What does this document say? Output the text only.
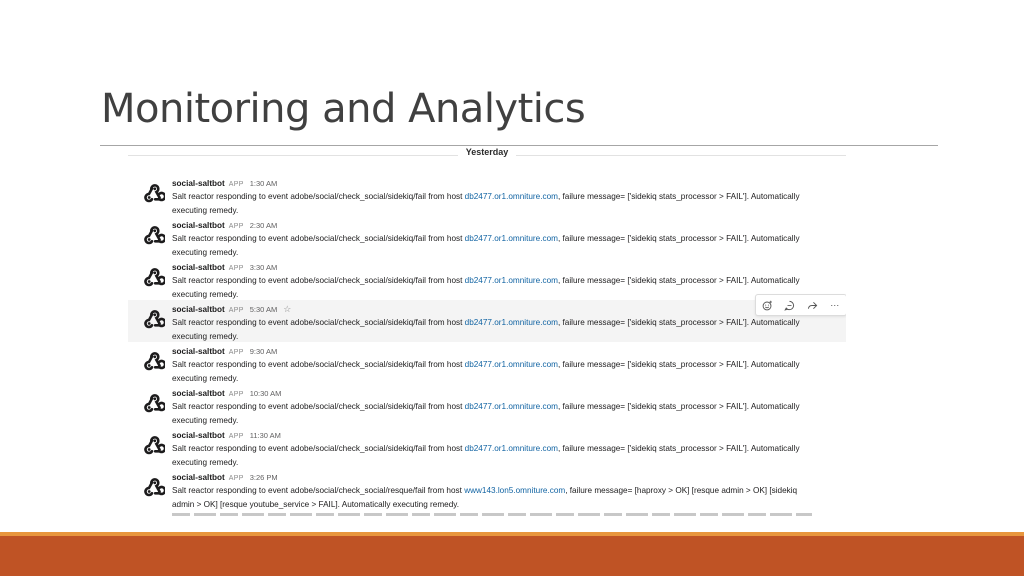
Monitoring and Analytics
Yesterday
social-saltbot APP 1:30 AM
Salt reactor responding to event adobe/social/check_social/sidekiq/fail from host db2477.or1.omniture.com, failure message= ['sidekiq stats_processor > FAIL']. Automatically executing remedy.
social-saltbot APP 2:30 AM
Salt reactor responding to event adobe/social/check_social/sidekiq/fail from host db2477.or1.omniture.com, failure message= ['sidekiq stats_processor > FAIL']. Automatically executing remedy.
social-saltbot APP 3:30 AM
Salt reactor responding to event adobe/social/check_social/sidekiq/fail from host db2477.or1.omniture.com, failure message= ['sidekiq stats_processor > FAIL']. Automatically executing remedy.
social-saltbot APP 5:30 AM ☆
Salt reactor responding to event adobe/social/check_social/sidekiq/fail from host db2477.or1.omniture.com, failure message= ['sidekiq stats_processor > FAIL']. Automatically executing remedy.
⋯
social-saltbot APP 9:30 AM
Salt reactor responding to event adobe/social/check_social/sidekiq/fail from host db2477.or1.omniture.com, failure message= ['sidekiq stats_processor > FAIL']. Automatically executing remedy.
social-saltbot APP 10:30 AM
Salt reactor responding to event adobe/social/check_social/sidekiq/fail from host db2477.or1.omniture.com, failure message= ['sidekiq stats_processor > FAIL']. Automatically executing remedy.
social-saltbot APP 11:30 AM
Salt reactor responding to event adobe/social/check_social/sidekiq/fail from host db2477.or1.omniture.com, failure message= ['sidekiq stats_processor > FAIL']. Automatically executing remedy.
social-saltbot APP 3:26 PM
Salt reactor responding to event adobe/social/check_social/resque/fail from host www143.lon5.omniture.com, failure message= [haproxy > OK] [resque admin > OK] [sidekiq admin > OK] [resque youtube_service > FAIL]. Automatically executing remedy.
